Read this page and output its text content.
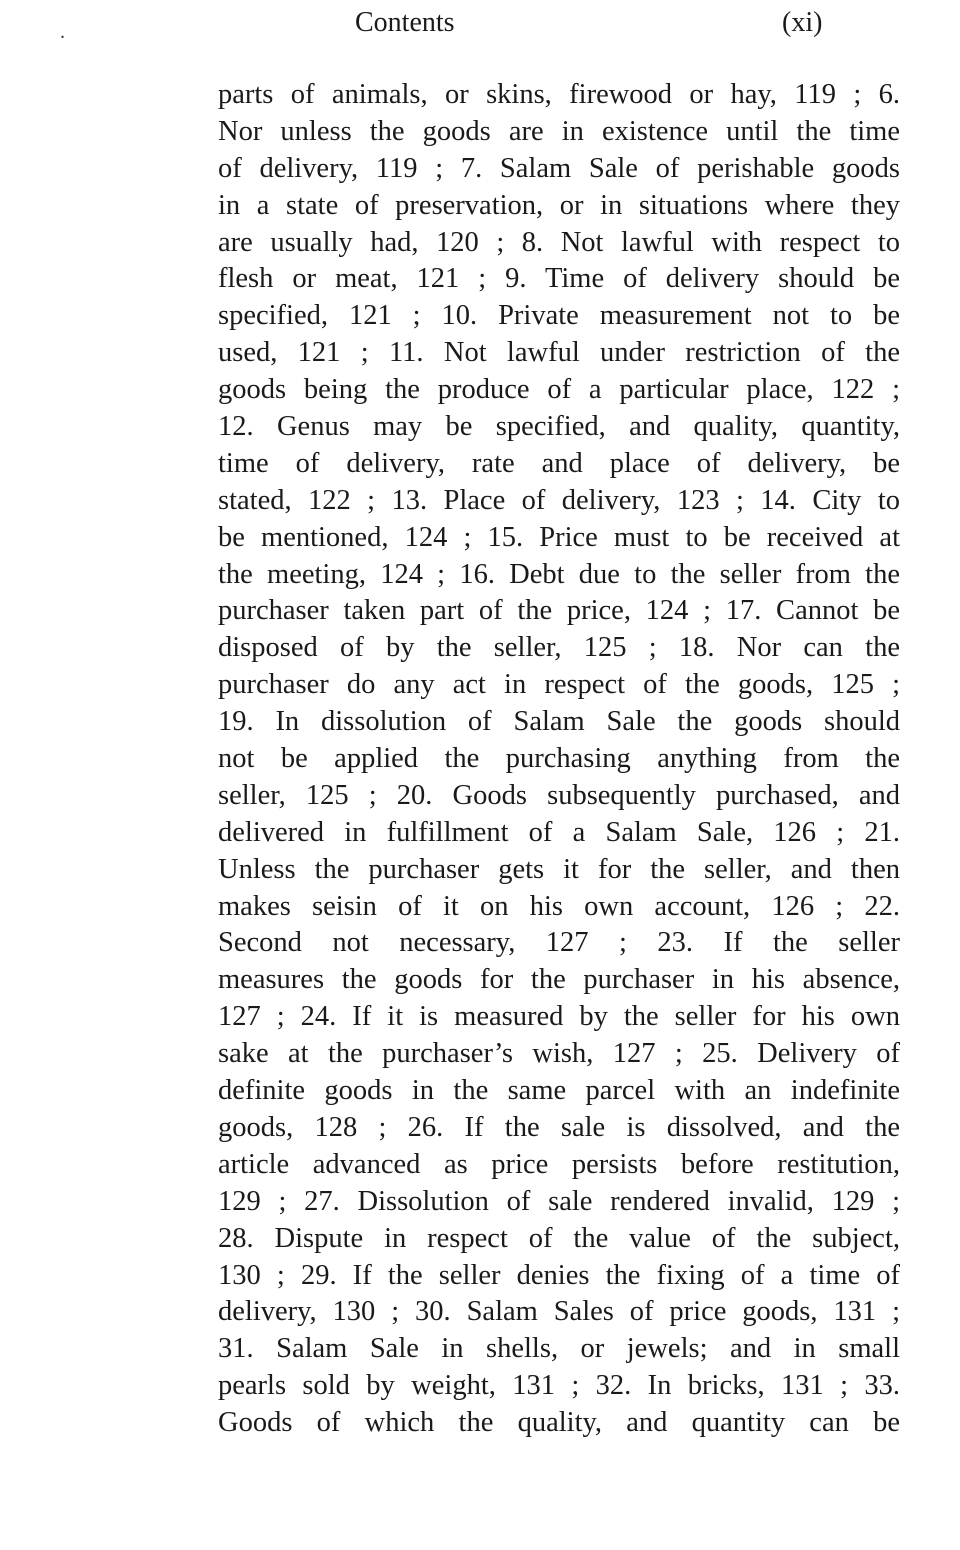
.	Contents	(xi)
parts of animals, or skins, firewood or hay, 119 ; 6.
Nor unless the goods are in existence until the time
of delivery, 119 ; 7. Salam Sale of perishable goods
in a state of preservation, or in situations where they
are usually had, 120 ; 8. Not lawful with respect to
flesh or meat, 121 ; 9. Time of delivery should be
specified, 121 ; 10. Private measurement not to be
used, 121 ; 11. Not lawful under restriction of the
goods being the produce of a particular place, 122 ;
12. Genus may be specified, and quality, quantity,
time of delivery, rate and place of delivery, be
stated, 122 ; 13. Place of delivery, 123 ; 14. City to
be mentioned, 124 ; 15. Price must to be received at
the meeting, 124 ; 16. Debt due to the seller from the
purchaser taken part of the price, 124 ; 17. Cannot be
disposed of by the seller, 125 ; 18. Nor can the
purchaser do any act in respect of the goods, 125 ;
19. In dissolution of Salam Sale the goods should
not be applied the purchasing anything from the
seller, 125 ; 20. Goods subsequently purchased, and
delivered in fulfillment of a Salam Sale, 126 ; 21.
Unless the purchaser gets it for the seller, and then
makes seisin of it on his own account, 126 ; 22.
Second not necessary, 127 ; 23. If the seller
measures the goods for the purchaser in his absence,
127 ; 24. If it is measured by the seller for his own
sake at the purchaser’s wish, 127 ; 25. Delivery of
definite goods in the same parcel with an indefinite
goods, 128 ; 26. If the sale is dissolved, and the
article advanced as price persists before restitution,
129 ; 27. Dissolution of sale rendered invalid, 129 ;
28. Dispute in respect of the value of the subject,
130 ; 29. If the seller denies the fixing of a time of
delivery, 130 ; 30. Salam Sales of price goods, 131 ;
31. Salam Sale in shells, or jewels; and in small
pearls sold by weight, 131 ; 32. In bricks, 131 ; 33.
Goods of which the quality, and quantity can be
